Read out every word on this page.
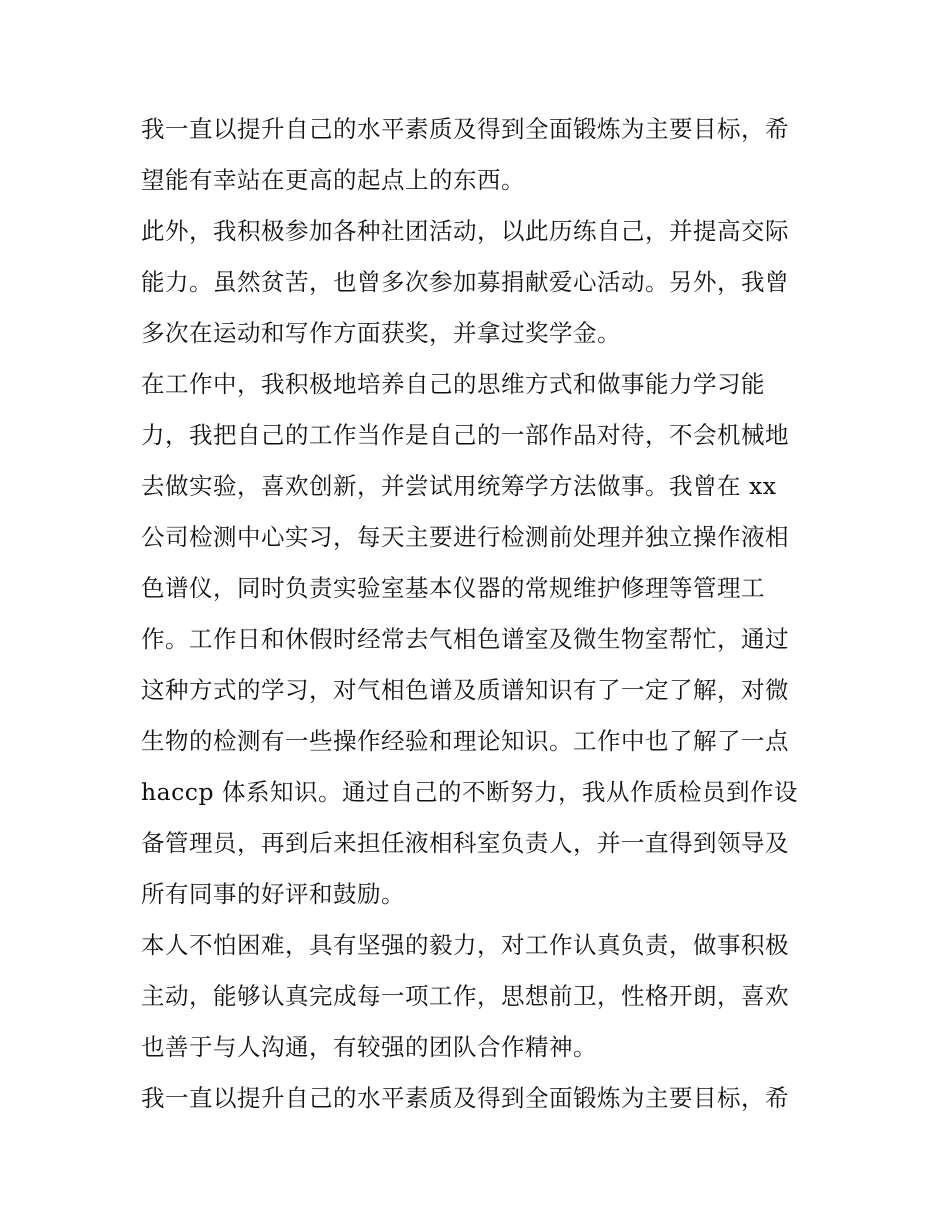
我一直以提升自己的水平素质及得到全面锻炼为主要目标，希
望能有幸站在更高的起点上的东西。
此外，我积极参加各种社团活动，以此历练自己，并提高交际
能力。虽然贫苦，也曾多次参加募捐献爱心活动。另外，我曾
多次在运动和写作方面获奖，并拿过奖学金。
在工作中，我积极地培养自己的思维方式和做事能力学习能
力，我把自己的工作当作是自己的一部作品对待，不会机械地
去做实验，喜欢创新，并尝试用统筹学方法做事。我曾在 xx
公司检测中心实习，每天主要进行检测前处理并独立操作液相
色谱仪，同时负责实验室基本仪器的常规维护修理等管理工
作。工作日和休假时经常去气相色谱室及微生物室帮忙，通过
这种方式的学习，对气相色谱及质谱知识有了一定了解，对微
生物的检测有一些操作经验和理论知识。工作中也了解了一点
haccp 体系知识。通过自己的不断努力，我从作质检员到作设
备管理员，再到后来担任液相科室负责人，并一直得到领导及
所有同事的好评和鼓励。
本人不怕困难，具有坚强的毅力，对工作认真负责，做事积极
主动，能够认真完成每一项工作，思想前卫，性格开朗，喜欢
也善于与人沟通，有较强的团队合作精神。
我一直以提升自己的水平素质及得到全面锻炼为主要目标，希
